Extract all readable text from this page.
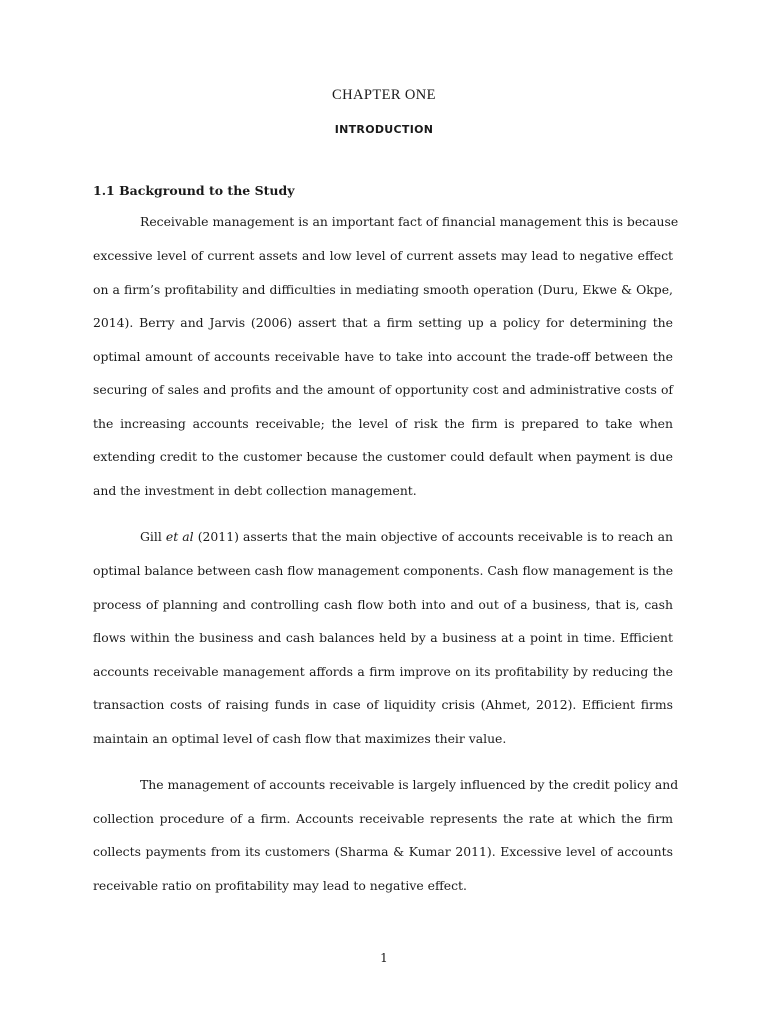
CHAPTER ONE
INTRODUCTION
1.1 Background to the Study
Receivable management is an important fact of financial management this is because
excessive level of current assets and low level of current assets may lead to negative effect
on a firm’s profitability and difficulties in mediating smooth operation (Duru, Ekwe & Okpe,
2014). Berry and Jarvis (2006) assert that a firm setting up a policy for determining the
optimal amount of accounts receivable have to take into account the trade-off between the
securing of sales and profits and the amount of opportunity cost and administrative costs of
the increasing accounts receivable; the level of risk the firm is prepared to take when
extending credit to the customer because the customer could default when payment is due
and the investment in debt collection management.
Gill et al (2011) asserts that the main objective of accounts receivable is to reach an
optimal balance between cash flow management components. Cash flow management is the
process of planning and controlling cash flow both into and out of a business, that is, cash
flows within the business and cash balances held by a business at a point in time. Efficient
accounts receivable management affords a firm improve on its profitability by reducing the
transaction costs of raising funds in case of liquidity crisis (Ahmet, 2012). Efficient firms
maintain an optimal level of cash flow that maximizes their value.
The management of accounts receivable is largely influenced by the credit policy and
collection procedure of a firm. Accounts receivable represents the rate at which the firm
collects payments from its customers (Sharma & Kumar 2011). Excessive level of accounts
receivable ratio on profitability may lead to negative effect.
1
